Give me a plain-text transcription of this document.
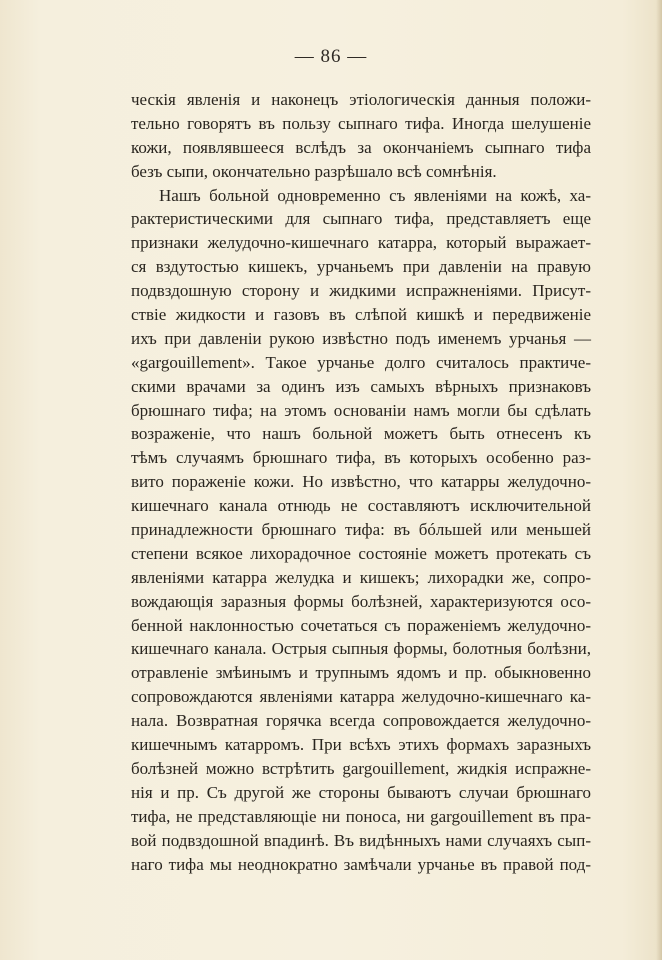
— 86 —
ческія явленія и наконецъ этіологическія данныя положи-
тельно говорятъ въ пользу сыпнаго тифа. Иногда шелушеніе
кожи, появлявшееся вслѣдъ за окончаніемъ сыпнаго тифа
безъ сыпи, окончательно разрѣшало всѣ сомнѣнія.
Нашъ больной одновременно съ явленіями на кожѣ, ха-
рактеристическими для сыпнаго тифа, представляетъ еще
признаки желудочно-кишечнаго катарра, который выражает-
ся вздутостью кишекъ, урчаньемъ при давленіи на правую
подвздошную сторону и жидкими испражненіями. Присут-
ствіе жидкости и газовъ въ слѣпой кишкѣ и передвиженіе
ихъ при давленіи рукою извѣстно подъ именемъ урчанья —
«gargouillement». Такое урчанье долго считалось практиче-
скими врачами за одинъ изъ самыхъ вѣрныхъ признаковъ
брюшнаго тифа; на этомъ основаніи намъ могли бы сдѣлать
возраженіе, что нашъ больной можетъ быть отнесенъ къ
тѣмъ случаямъ брюшнаго тифа, въ которыхъ особенно раз-
вито пораженіе кожи. Но извѣстно, что катарры желудочно-
кишечнаго канала отнюдь не составляютъ исключительной
принадлежности брюшнаго тифа: въ бóльшей или меньшей
степени всякое лихорадочное состояніе можетъ протекать съ
явленіями катарра желудка и кишекъ; лихорадки же, сопро-
вождающія заразныя формы болѣзней, характеризуются осо-
бенной наклонностью сочетаться съ пораженіемъ желудочно-
кишечнаго канала. Острыя сыпныя формы, болотныя болѣзни,
отравленіе змѣинымъ и трупнымъ ядомъ и пр. обыкновенно
сопровождаются явленіями катарра желудочно-кишечнаго ка-
нала. Возвратная горячка всегда сопровождается желудочно-
кишечнымъ катарромъ. При всѣхъ этихъ формахъ заразныхъ
болѣзней можно встрѣтить gargouillement, жидкія испражне-
нія и пр. Съ другой же стороны бываютъ случаи брюшнаго
тифа, не представляющіе ни поноса, ни gargouillement въ пра-
вой подвздошной впадинѣ. Въ видѣнныхъ нами случаяхъ сып-
наго тифа мы неоднократно замѣчали урчанье въ правой под-
